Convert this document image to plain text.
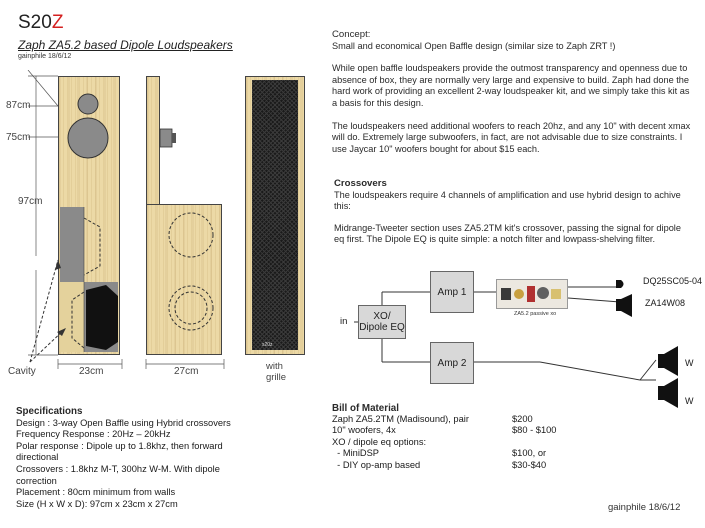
S20Z
Zaph ZA5.2 based Dipole Loudspeakers
gainphile 18/6/12
87cm
75cm
97cm
Cavity	23cm	27cm
s20z
with
grille
Concept:
Small and economical Open Baffle design (similar size to Zaph ZRT !)
While open baffle loudspeakers provide the outmost transparency and openness due to absence of box, they are normally very large and expensive to build. Zaph had done the hard work of providing an excellent 2-way loudspeaker kit, and we simply take this kit as a basis for this design.
The loudspeakers need additional woofers to reach 20hz, and any 10" with decent xmax will do. Extremely large subwoofers, in fact, are not advisable due to size constraints. I use Jaycar 10" woofers bought for about $15 each.
Crossovers
The loudspeakers require 4 channels of amplification and use hybrid design to achive this:
Midrange-Tweeter section uses ZA5.2TM kit's crossover, passing the signal for dipole eq first. The Dipole EQ is quite simple: a notch filter and lowpass-shelving filter.
in	XO/
Dipole EQ
Amp 1
Amp 2
ZA5.2 passive xo
DQ25SC05-04
ZA14W08
W
W
Specifications
Design : 3-way Open Baffle using Hybrid crossovers
Frequency Response : 20Hz – 20kHz
Polar response : Dipole up to 1.8khz, then forward
directional
Crossovers : 1.8khz M-T, 300hz W-M. With dipole
correction
Placement : 80cm minimum from walls
Size (H x W x D): 97cm x 23cm x 27cm
Bill of Material
Zaph ZA5.2TM (Madisound), pair	$200
10" woofers, 4x	$80 - $100
XO / dipole eq options:	
- MiniDSP	$100, or
- DIY op-amp based	$30-$40
gainphile 18/6/12
